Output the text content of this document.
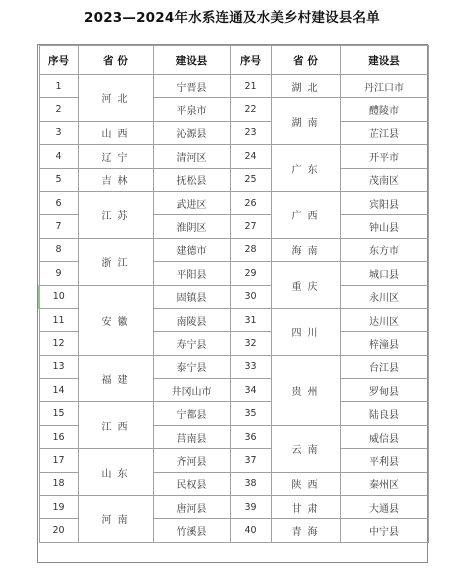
2023—2024年水系连通及水美乡村建设县名单
序号	省 份	建设县	序号	省 份	建设县
1	河北	宁晋县	21	湖北	丹江口市
2		平泉市	22	湖南	醴陵市
3	山西	沁源县	23		芷江县
4	辽宁	清河区	24	广东	开平市
5	吉林	抚松县	25		茂南区
6	江苏	武进区	26	广西	宾阳县
7		淮阴区	27		钟山县
8	浙江	建德市	28	海南	东方市
9		平阳县	29	重庆	城口县
10	安徽	固镇县	30		永川区
11		南陵县	31	四川	达川区
12		寿宁县	32		梓潼县
13	福建	泰宁县	33	贵州	台江县
14		井冈山市	34		罗甸县
15	江西	宁都县	35		陆良县
16		莒南县	36	云南	威信县
17	山东	齐河县	37		平利县
18		民权县	38	陕西	秦州区
19	河南	唐河县	39	甘肃	大通县
20		竹溪县	40	青海	中宁县
